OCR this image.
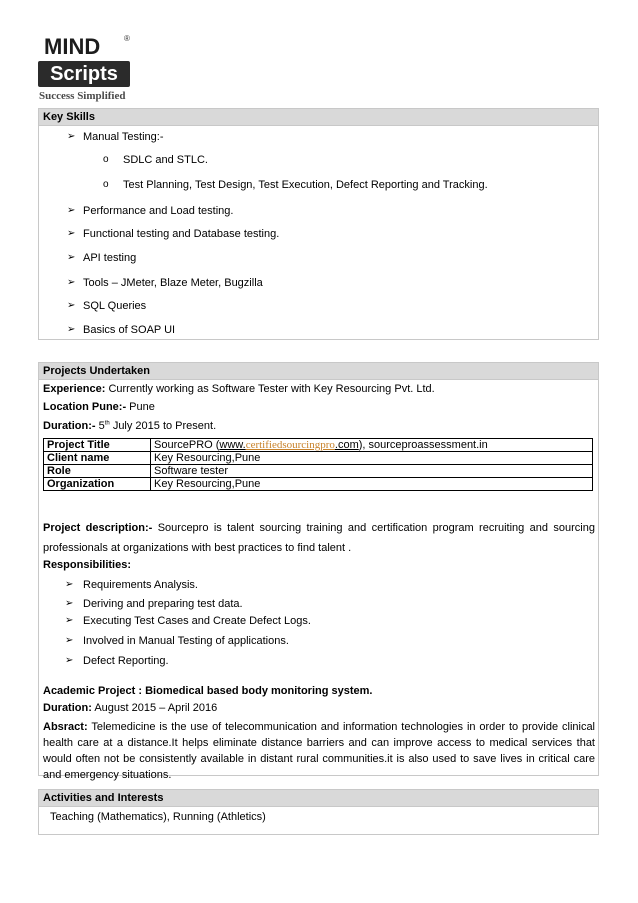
MIND	®
Scripts
Success Simplified
Key Skills
➢ Manual Testing:-
o SDLC and STLC.
o Test Planning, Test Design, Test Execution, Defect Reporting and Tracking.
➢ Performance and Load testing.
➢ Functional testing and Database testing.
➢ API testing
➢ Tools – JMeter, Blaze Meter, Bugzilla
➢ SQL Queries
➢ Basics of SOAP UI
Projects Undertaken
Experience: Currently working as Software Tester with Key Resourcing Pvt. Ltd.
Location Pune:- Pune
Duration:- 5th July 2015 to Present.
Project Title	SourcePRO (www.certifiedsourcingpro.com), sourceproassessment.in
Client name	Key Resourcing,Pune
Role	Software tester
Organization	Key Resourcing,Pune
Project description:- Sourcepro is talent sourcing training and certification program recruiting and sourcing professionals at organizations with best practices to find talent .
Responsibilities:
➢ Requirements Analysis.
➢ Deriving and preparing test data.
➢ Executing Test Cases and Create Defect Logs.
➢ Involved in Manual Testing of applications.
➢ Defect Reporting.
Academic Project : Biomedical based body monitoring system.
Duration: August 2015 – April 2016
Absract: Telemedicine is the use of telecommunication and information technologies in order to provide clinical health care at a distance.It helps eliminate distance barriers and can improve access to medical services that would often not be consistently available in distant rural communities.it is also used to save lives in critical care and emergency situations.
Activities and Interests
Teaching (Mathematics), Running (Athletics)
